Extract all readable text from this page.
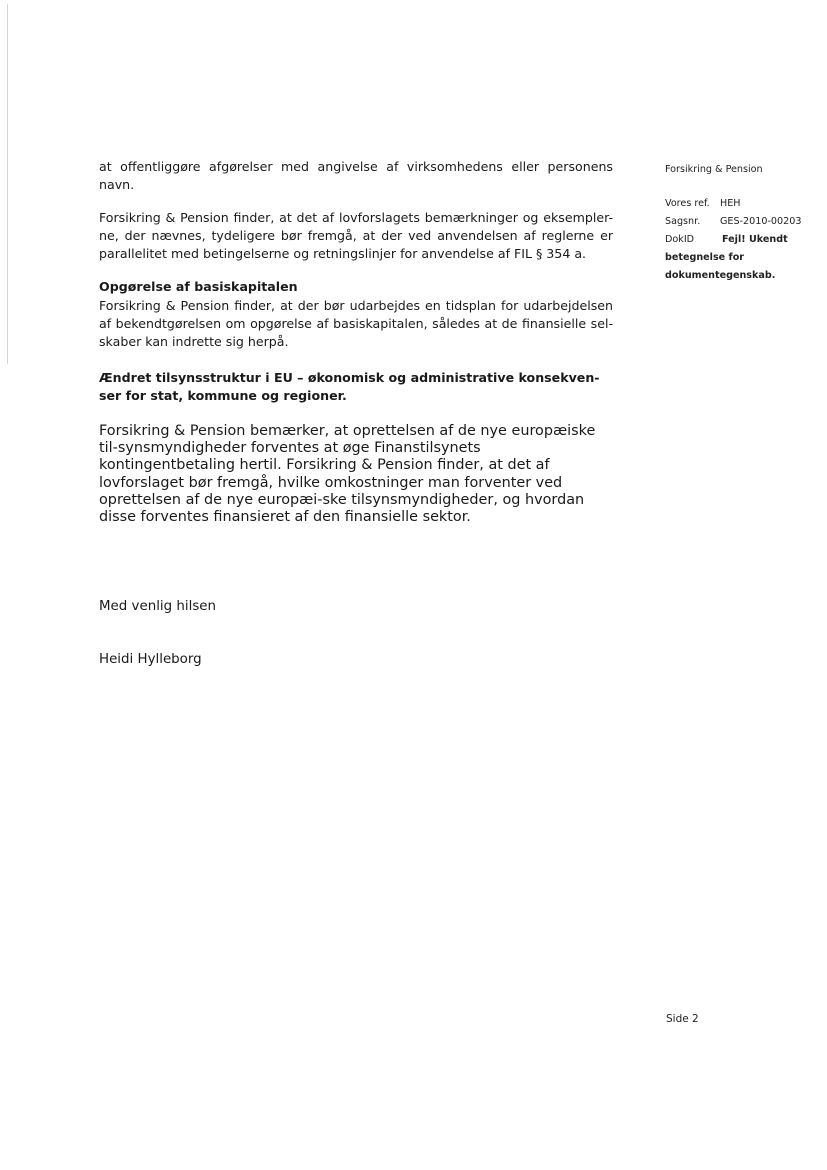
at offentliggøre afgørelser med angivelse af virksomhedens eller personens navn.

Forsikring & Pension finder, at det af lovforslagets bemærkninger og eksempler-ne, der nævnes, tydeligere bør fremgå, at der ved anvendelsen af reglerne er parallelitet med betingelserne og retningslinjer for anvendelse af FIL § 354 a.

Opgørelse af basiskapitalen

Forsikring & Pension finder, at der bør udarbejdes en tidsplan for udarbejdelsen af bekendtgørelsen om opgørelse af basiskapitalen, således at de finansielle sel-skaber kan indrette sig herpå.

Ændret tilsynsstruktur i EU – økonomisk og administrative konsekven-ser for stat, kommune og regioner.

Forsikring & Pension bemærker, at oprettelsen af de nye europæiske til-synsmyndigheder forventes at øge Finanstilsynets kontingentbetaling hertil. Forsikring & Pension finder, at det af lovforslaget bør fremgå, hvilke omkostninger man forventer ved oprettelsen af de nye europæi-ske tilsynsmyndigheder, og hvordan disse forventes finansieret af den finansielle sektor.

Med venlig hilsen
Heidi Hylleborg
Forsikring & Pension
Vores ref.	HEH
Sagsnr.	GES-2010-00203
DokID	Fejl! Ukendt
betegnelse for
dokumentegenskab.
Side 2
